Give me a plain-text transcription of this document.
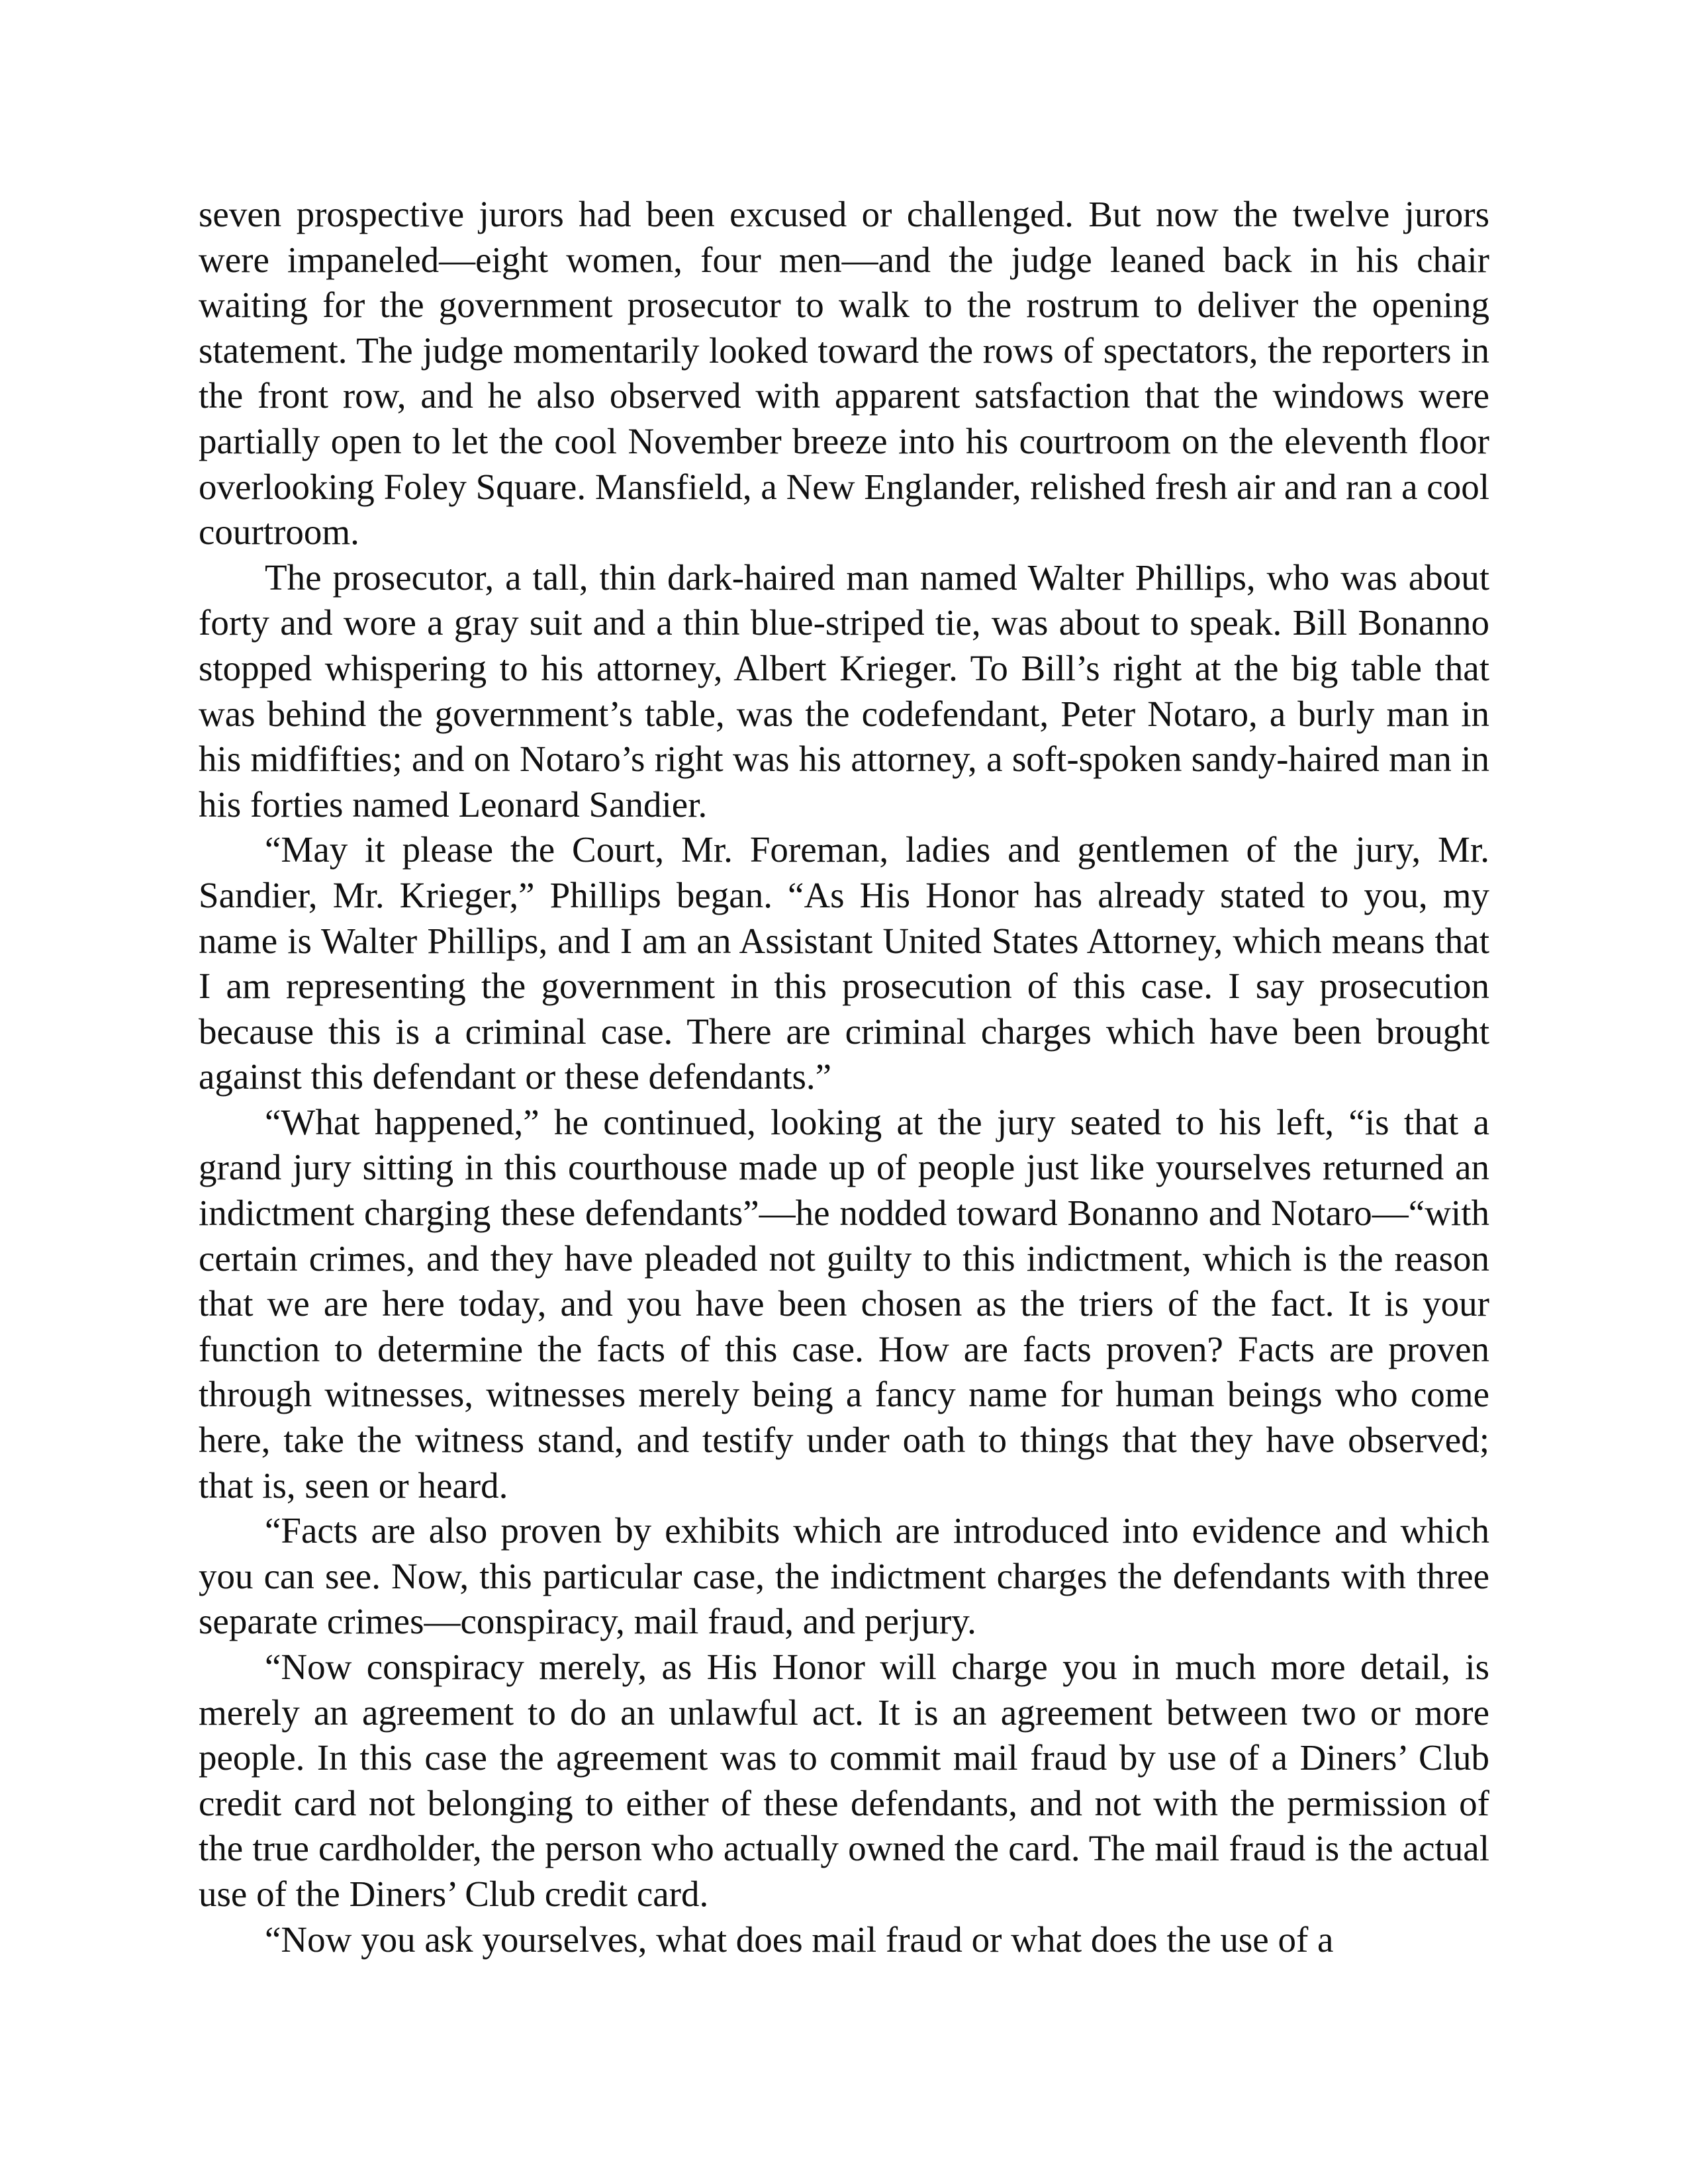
seven prospective jurors had been excused or challenged. But now the twelve jurors were impaneled—eight women, four men—and the judge leaned back in his chair waiting for the government prosecutor to walk to the rostrum to deliver the opening statement. The judge momentarily looked toward the rows of spectators, the reporters in the front row, and he also observed with apparent satsfaction that the windows were partially open to let the cool November breeze into his courtroom on the eleventh floor overlooking Foley Square. Mansfield, a New Englander, relished fresh air and ran a cool courtroom.

The prosecutor, a tall, thin dark-haired man named Walter Phillips, who was about forty and wore a gray suit and a thin blue-striped tie, was about to speak. Bill Bonanno stopped whispering to his attorney, Albert Krieger. To Bill’s right at the big table that was behind the government’s table, was the codefendant, Peter Notaro, a burly man in his midfifties; and on Notaro’s right was his attorney, a soft-spoken sandy-haired man in his forties named Leonard Sandier.

“May it please the Court, Mr. Foreman, ladies and gentlemen of the jury, Mr. Sandier, Mr. Krieger,” Phillips began. “As His Honor has already stated to you, my name is Walter Phillips, and I am an Assistant United States Attorney, which means that I am representing the government in this prosecution of this case. I say prosecution because this is a criminal case. There are criminal charges which have been brought against this defendant or these defendants.”

“What happened,” he continued, looking at the jury seated to his left, “is that a grand jury sitting in this courthouse made up of people just like yourselves returned an indictment charging these defendants”—he nodded toward Bonanno and Notaro—“with certain crimes, and they have pleaded not guilty to this indictment, which is the reason that we are here today, and you have been chosen as the triers of the fact. It is your function to determine the facts of this case. How are facts proven? Facts are proven through witnesses, witnesses merely being a fancy name for human beings who come here, take the witness stand, and testify under oath to things that they have observed; that is, seen or heard.

“Facts are also proven by exhibits which are introduced into evidence and which you can see. Now, this particular case, the indictment charges the defendants with three separate crimes—conspiracy, mail fraud, and perjury.

“Now conspiracy merely, as His Honor will charge you in much more detail, is merely an agreement to do an unlawful act. It is an agreement between two or more people. In this case the agreement was to commit mail fraud by use of a Diners’ Club credit card not belonging to either of these defendants, and not with the permission of the true cardholder, the person who actually owned the card. The mail fraud is the actual use of the Diners’ Club credit card.

“Now you ask yourselves, what does mail fraud or what does the use of a
